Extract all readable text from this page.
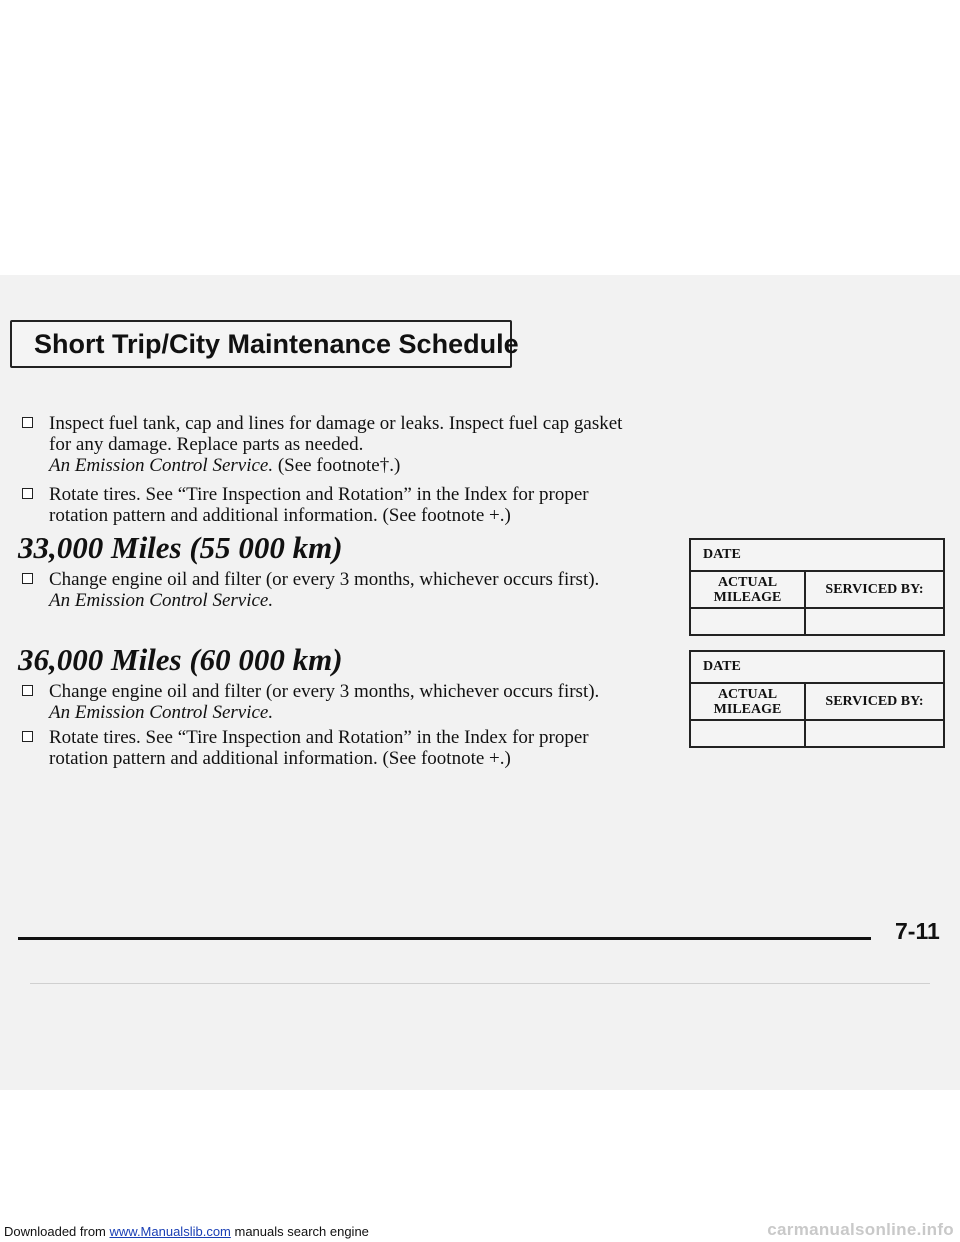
Short Trip/City Maintenance Schedule
Inspect fuel tank, cap and lines for damage or leaks. Inspect fuel cap gasket
for any damage. Replace parts as needed.
An Emission Control Service. (See footnote†.)
Rotate tires. See “Tire Inspection and Rotation” in the Index for proper
rotation pattern and additional information. (See footnote +.)
33,000 Miles (55 000 km)
Change engine oil and filter (or every 3 months, whichever occurs first).
An Emission Control Service.
DATE
ACTUAL
MILEAGE
SERVICED BY:
36,000 Miles (60 000 km)
Change engine oil and filter (or every 3 months, whichever occurs first).
An Emission Control Service.
Rotate tires. See “Tire Inspection and Rotation” in the Index for proper
rotation pattern and additional information. (See footnote +.)
DATE
ACTUAL
MILEAGE
SERVICED BY:
7-11
Downloaded from www.Manualslib.com manuals search engine	carmanualsonline.info
